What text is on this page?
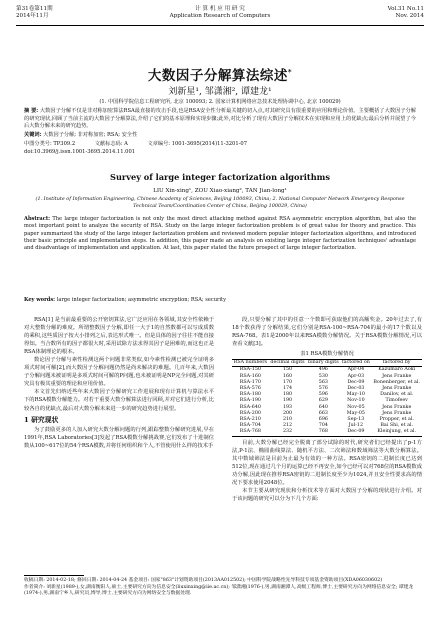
第31卷第11期
2014年11月
计 算 机 应 用 研 究
Application Research of Computers
Vol.31 No.11
Nov. 2014
大数因子分解算法综述*
刘新星¹, 邹潇湘², 谭建龙¹
(1. 中国科学院信息工程研究所, 北京 100093; 2. 国家计算机网络应急技术处理协调中心, 北京 100029)
摘 要: 大数因子分解不仅是非对称加密算法RSA最直接的攻击手段,也是RSA安全性分析最关键的切入点,对其研究具有很重要的应用和理论价值。主要概括了大数因子分解的研究现状,回顾了当前主流的大数因子分解算法,介绍了它们的基本原理和实现步骤;此外,对比分析了现有大数因子分解技术在实现和应用上的优缺点;最后分析并展望了今后大数分解未来的研究趋势。
关键词: 大数因子分解; 非对称加密; RSA; 安全性
中图分类号: TP309.2	文献标志码: A	文章编号: 1001-3695(2014)11-3201-07
doi:10.3969/j.issn.1001-3695.2014.11.001
Survey of large integer factorization algorithms
LIU Xin-xing¹, ZOU Xiao-xiang², TAN Jian-long¹
(1. Institute of Information Engineering, Chinese Academy of Sciences, Beijing 100093, China; 2. National Computer Network Emergency Response Technical Team/Coordination Center of China, Beijing 100029, China)
Abstract: The large integer factorization is not only the most direct attacking method against RSA asymmetric encryption algorithm, but also the most important point to analyze the security of RSA. Study on the large integer factorization problem is of great value for theory and practice. This paper summarized the study of the large integer factorization problem and reviewed modern popular integer factorization algorithms, and introduced their basic principle and implementation steps. In addition, this paper made an analysis on existing large integer factorization techniques' advantage and disadvantage of implementation and application. At last, this paper stated the future prospect of large integer factorization.
Key words: large integer factorization; asymmetric encryption; RSA; security

RSA[1] 是当前最重要的公开密钥算法,它广泛应用在各领域,其安全性依赖于对大整数分解的难度。所谓整数因子分解,即任一大于1的自然数都可以写成质数的乘积,这些质因子按大小排列之后,表达形式唯一。但是具体的因子往往不能直接得知。当合数所有的因子都很大时,采用试除方法求得其因子是困难的,而这也正是RSA体制理论的根本。

数论因子分解与素性检测这两个问题非常类似,如今素性检测已被完全证明多项式时间可解[2],而大数因子分解问题仍然是尚未解决的难题。几百年来,大数因子分解问题未被证明是多项式时间可解的P问题,也未被证明是NP完全问题,对其研究具有极其重要的理论和应用价值。

本文首先归纳近些年来大数因子分解研究工作进展和现有计算机与算法水平下的RSA模数分解能力。对若干重要大数分解算法进行回顾,并对它们进行分析,比较各自的优缺点,最后对大数分解未来进一步的研究趋势进行展望。

1 研究现状

为了鼓励更多的人加入研究大数分解问题的行列,跟踪整数分解研究进展,早在1991年,RSA Laboratories[3]发起了RSA模数分解挑战赛,它们发布了十进制位数从100~617位的54个RSA模数,并将任何组织和个人,不管使用什么样的技术手

段,只要分解了其中的任意一个数即可获取他们的高额奖金。20年过去了,有18个数获得了分解结果,它们分别是RSA-100~RSA-704的最小的17个数以及RSA-768。表1是2000年以来RSA模数分解情况。关于RSA模数分解情况,可以查看文献[3]。

表1 RSA模数分解情况
RSA numbers	decimal digits	binary digits	factored on	factored by
RSA-150	150	496	Apr-04	Kazumaro Aoki
RSA-160	160	530	Apr-03	Jens Franke
RSA-170	170	563	Dec-09	Bonenberger, et al.
RSA-576	174	576	Dec-03	Jens Franke
RSA-180	180	596	May-10	Danilov, et al.
RSA-190	190	629	Nov-10	Timofeev
RSA-640	193	640	Nov-05	Jens Franke
RSA-200	200	663	May-05	Jens Franke
RSA-210	210	696	Sep-13	Propper, et al.
RSA-704	212	704	Jul-12	Bai Shi, et al.
RSA-768	232	768	Dec-09	Kleinjung, et al.

目前,大数分解已经完全脱离了部分试除的时代,研究者们已经提出了p-1方法,P-1法、椭圆曲线算法、随机平方法、二次筛法和数域筛法等大数分解算法。其中数域筛法是目前为止最为有效的一种方法。RSA密钥的二进制长度已达到512位,现在通过几个月的运算已经不再安全,如今已经可以对768位的RSA模数成功分解,因此现在推荐RSA密钥的二进制长度至少为1024,并且安全性要求高的情况下要求使用2048位。

本节主要从研究现状和分析技术等方面对大数因子分解的现状进行介绍。对于该问题的研究可以分为下几个方面:

收稿日期: 2014-02-18; 修回日期: 2014-04-24 基金项目: 国家"863"计划资助项目(2013AA012502); 中国科学院战略性先导科技专项基金资助项目(XDA06030602)
作者简介: 刘新星(1989-),女,湖南衡阳人,硕士,主要研究方向为信息安全(liuxinxing@iie.ac.cn); 邹潇湘(1976-),男,湖南湘潭人,高级工程师,博士,主要研究方向为网络信息安全; 谭建龙(1974-),男,湖南宁乡人,研究员,博导,博士,主要研究方向为网络安全与数据处理.
